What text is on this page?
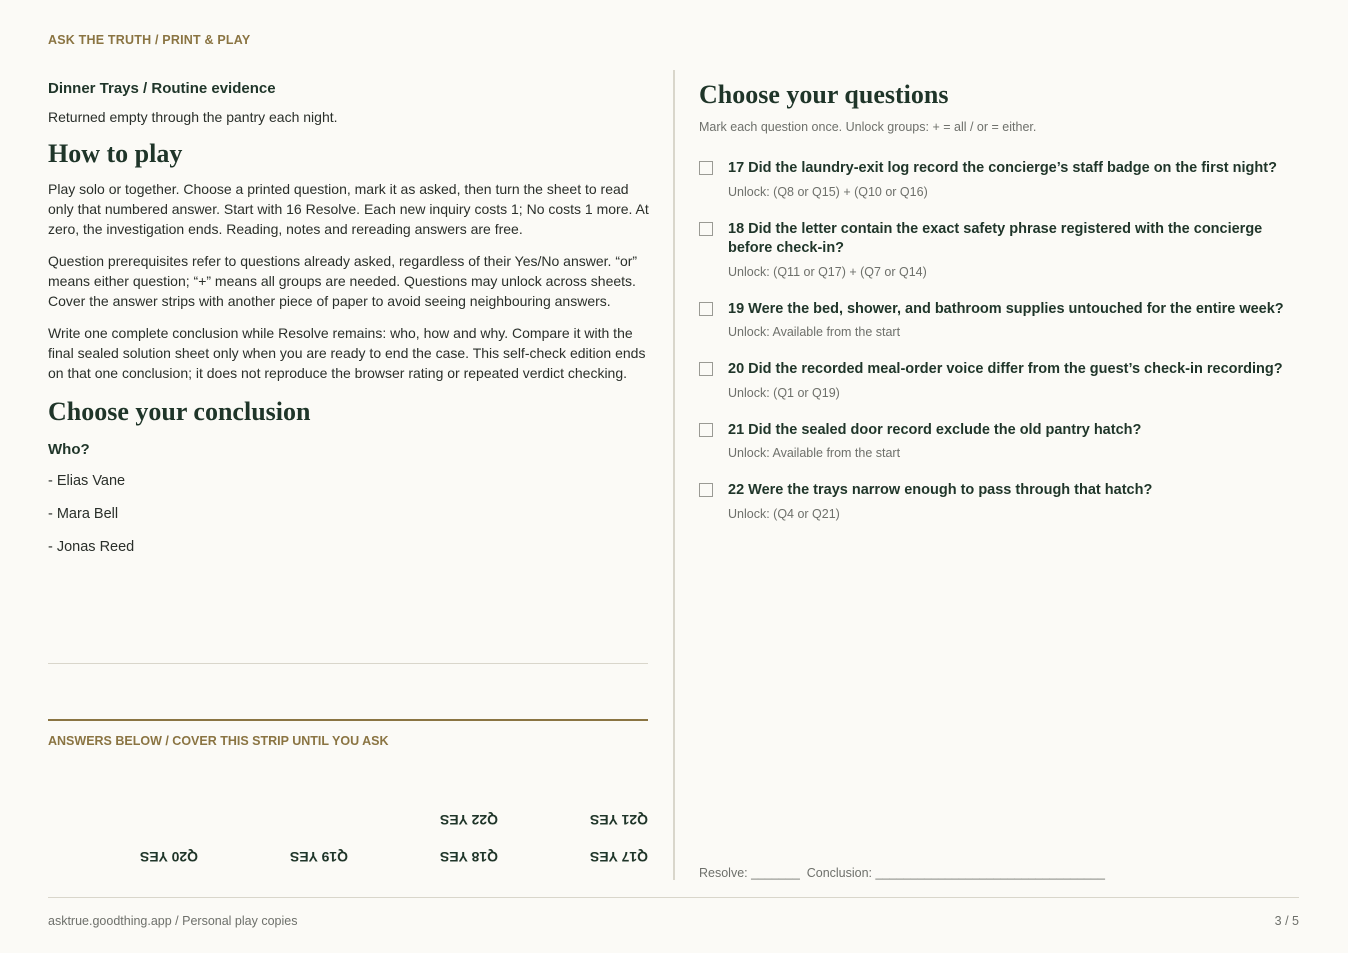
ASK THE TRUTH / PRINT & PLAY

Dinner Trays / Routine evidence

Returned empty through the pantry each night.

How to play

Play solo or together. Choose a printed question, mark it as asked, then turn the sheet to read only that numbered answer. Start with 16 Resolve. Each new inquiry costs 1; No costs 1 more. At zero, the investigation ends. Reading, notes and rereading answers are free.

Question prerequisites refer to questions already asked, regardless of their Yes/No answer. “or” means either question; “+” means all groups are needed. Questions may unlock across sheets. Cover the answer strips with another piece of paper to avoid seeing neighbouring answers.

Write one complete conclusion while Resolve remains: who, how and why. Compare it with the final sealed solution sheet only when you are ready to end the case. This self-check edition ends on that one conclusion; it does not reproduce the browser rating or repeated verdict checking.

Choose your conclusion
Who?
- Elias Vane
- Mara Bell
- Jonas Reed
ANSWERS BELOW / COVER THIS STRIP UNTIL YOU ASK
Q17 YES
Q18 YES
Q19 YES
Q20 YES
Q21 YES
Q22 YES
Choose your questions
Mark each question once. Unlock groups: + = all / or = either.
17 Did the laundry-exit log record the concierge’s staff badge on the first night?
Unlock: (Q8 or Q15) + (Q10 or Q16)
18 Did the letter contain the exact safety phrase registered with the concierge before check-in?
Unlock: (Q11 or Q17) + (Q7 or Q14)
19 Were the bed, shower, and bathroom supplies untouched for the entire week?
Unlock: Available from the start
20 Did the recorded meal-order voice differ from the guest’s check-in recording?
Unlock: (Q1 or Q19)
21 Did the sealed door record exclude the old pantry hatch?
Unlock: Available from the start
22 Were the trays narrow enough to pass through that hatch?
Unlock: (Q4 or Q21)
Resolve: _______  Conclusion: _________________________________
asktrue.goodthing.app / Personal play copies	3 / 5
